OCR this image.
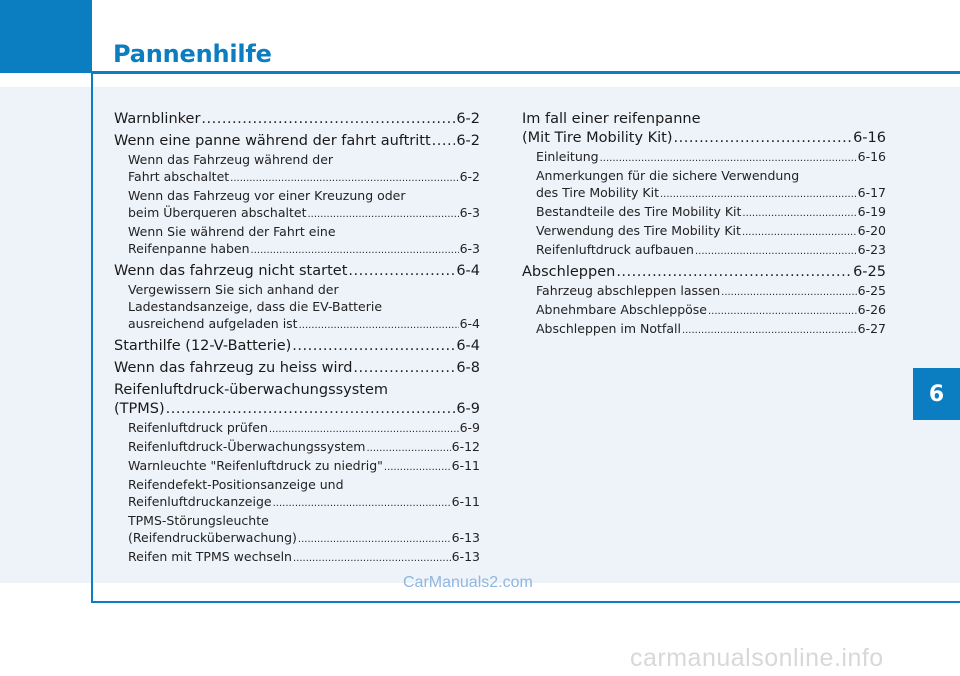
Pannenhilfe
6
Warnblinker .....	6-2
Wenn eine panne während der fahrt auftritt ..... 6-2
Wenn das Fahrzeug während der
Fahrt abschaltet .....	6-2
Wenn das Fahrzeug vor einer Kreuzung oder
beim Überqueren abschaltet .....	6-3
Wenn Sie während der Fahrt eine
Reifenpanne haben .....	6-3
Wenn das fahrzeug nicht startet .....	6-4
Vergewissern Sie sich anhand der
Ladestandsanzeige, dass die EV-Batterie
ausreichend aufgeladen ist .....	6-4
Starthilfe (12-V-Batterie) .....	6-4
Wenn das fahrzeug zu heiss wird .....	6-8
Reifenluftdruck-überwachungssystem
(TPMS) .....	6-9
Reifenluftdruck prüfen .....	6-9
Reifenluftdruck-Überwachungssystem .....	6-12
Warnleuchte "Reifenluftdruck zu niedrig" .....	6-11
Reifendefekt-Positionsanzeige und
Reifenluftdruckanzeige .....	6-11
TPMS-Störungsleuchte
(Reifendrucküberwachung) .....	6-13
Reifen mit TPMS wechseln .....	6-13
Im fall einer reifenpanne
(Mit Tire Mobility Kit) .....	6-16
Einleitung .....	6-16
Anmerkungen für die sichere Verwendung
des Tire Mobility Kit .....	6-17
Bestandteile des Tire Mobility Kit .....	6-19
Verwendung des Tire Mobility Kit .....	6-20
Reifenluftdruck aufbauen .....	6-23
Abschleppen .....	6-25
Fahrzeug abschleppen lassen .....	6-25
Abnehmbare Abschleppöse .....	6-26
Abschleppen im Notfall .....	6-27
CarManuals2.com
carmanualsonline.info
